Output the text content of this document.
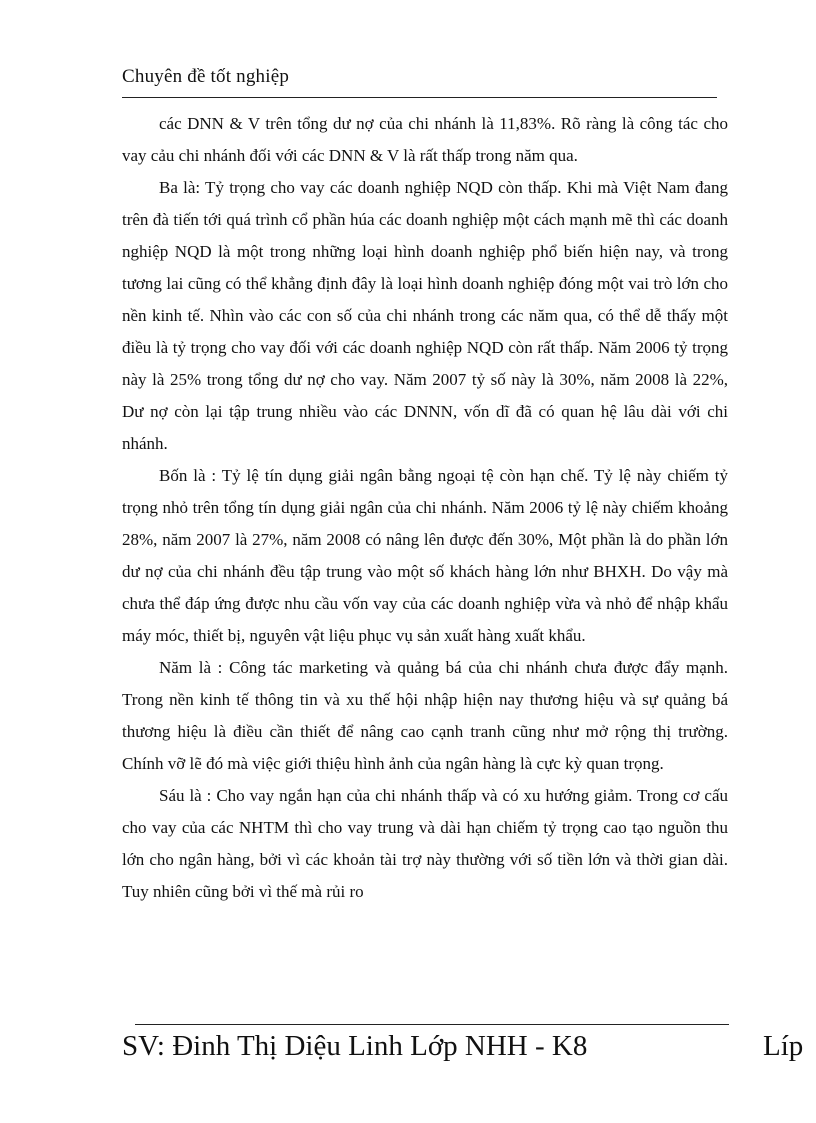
Chuyên đề tốt nghiệp

các DNN & V trên tổng dư nợ của chi nhánh là 11,83%. Rõ ràng là công tác cho vay cảu chi nhánh đối với các DNN & V là rất thấp trong năm qua.

Ba là: Tỷ trọng cho vay các doanh nghiệp NQD còn thấp. Khi mà Việt Nam đang trên đà tiến tới quá trình cổ phần húa các doanh nghiệp một cách mạnh mẽ thì các doanh nghiệp NQD là một trong những loại hình doanh nghiệp phổ biến hiện nay, và trong tương lai cũng có thể khẳng định đây là loại hình doanh nghiệp đóng một vai trò lớn cho nền kinh tế. Nhìn vào các con số của chi nhánh trong các năm qua, có thể dễ thấy một điều là tỷ trọng cho vay đối với các doanh nghiệp NQD còn rất thấp. Năm 2006 tỷ trọng này là 25% trong tổng dư nợ cho vay. Năm 2007 tỷ số này là 30%, năm 2008 là 22%, Dư nợ còn lại tập trung nhiều vào các DNNN, vốn dĩ đã có quan hệ lâu dài với chi nhánh.

Bốn là : Tỷ lệ tín dụng giải ngân bằng ngoại tệ còn hạn chế. Tỷ lệ này chiếm tỷ trọng nhỏ trên tổng tín dụng giải ngân của chi nhánh. Năm 2006 tỷ lệ này chiếm khoảng 28%, năm 2007 là 27%, năm 2008 có nâng lên được đến 30%, Một phần là do phần lớn dư nợ của chi nhánh đều tập trung vào một số khách hàng lớn như BHXH. Do vậy mà chưa thể đáp ứng được nhu cầu vốn vay của các doanh nghiệp vừa và nhỏ để nhập khẩu máy móc, thiết bị, nguyên vật liệu phục vụ sản xuất hàng xuất khẩu.

Năm là : Công tác marketing và quảng bá của chi nhánh chưa được đẩy mạnh. Trong nền kinh tế thông tin và xu thế hội nhập hiện nay thương hiệu và sự quảng bá thương hiệu là điều cần thiết để nâng cao cạnh tranh cũng như mở rộng thị trường. Chính vỡ lẽ đó mà việc giới thiệu hình ảnh của ngân hàng là cực kỳ quan trọng.

Sáu là : Cho vay ngắn hạn của chi nhánh thấp và có xu hướng giảm. Trong cơ cấu cho vay của các NHTM thì cho vay trung và dài hạn chiếm tỷ trọng cao tạo nguồn thu lớn cho ngân hàng, bởi vì các khoản tài trợ này thường với số tiền lớn và thời gian dài. Tuy nhiên cũng bởi vì thế mà rủi ro

SV: Đinh Thị Diệu Linh Lớp NHH - K8	Líp
